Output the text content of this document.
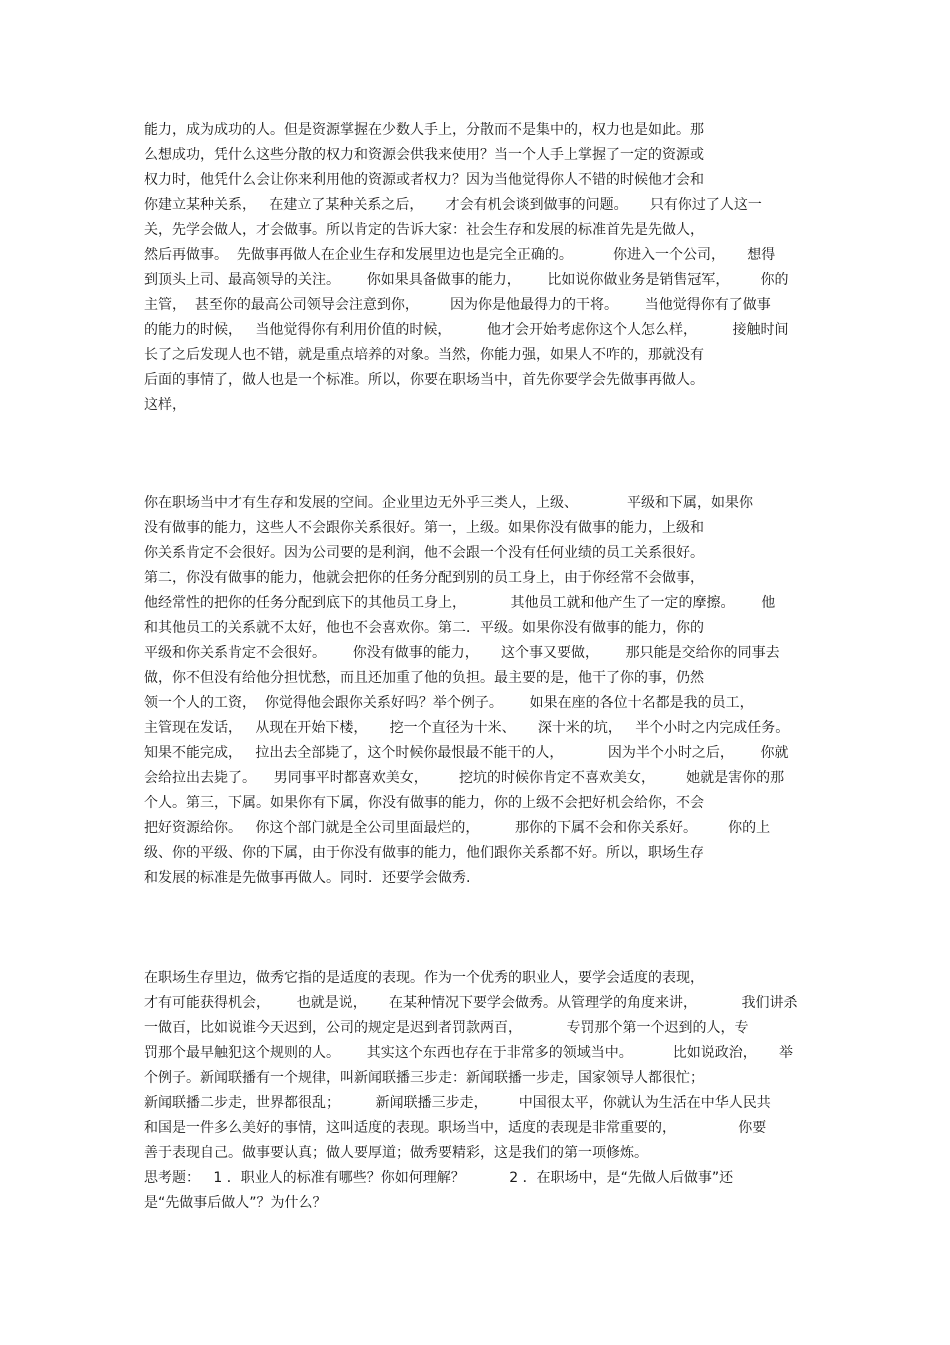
能力，成为成功的人。但是资源掌握在少数人手上，分散而不是集中的，权力也是如此。那
么想成功，凭什么这些分散的权力和资源会供我来使用？当一个人手上掌握了一定的资源或
权力时，他凭什么会让你来利用他的资源或者权力？因为当他觉得你人不错的时候他才会和
你建立某种关系，   在建立了某种关系之后，     才会有机会谈到做事的问题。     只有你过了人这一
关，先学会做人，才会做事。所以肯定的告诉大家：社会生存和发展的标准首先是先做人，
然后再做事。  先做事再做人在企业生存和发展里边也是完全正确的。         你进入一个公司，     想得
到顶头上司、最高领导的关注。      你如果具备做事的能力，      比如说你做业务是销售冠军，       你的
主管，  甚至你的最高公司领导会注意到你，       因为你是他最得力的干将。      当他觉得你有了做事
的能力的时候，   当他觉得你有利用价值的时候，        他才会开始考虑你这个人怎么样，        接触时间
长了之后发现人也不错，就是重点培养的对象。当然，你能力强，如果人不咋的，那就没有
后面的事情了，做人也是一个标准。所以，你要在职场当中，首先你要学会先做事再做人。
这样，
你在职场当中才有生存和发展的空间。企业里边无外乎三类人，上级、           平级和下属，如果你
没有做事的能力，这些人不会跟你关系很好。第一，上级。如果你没有做事的能力，上级和
你关系肯定不会很好。因为公司要的是利润，他不会跟一个没有任何业绩的员工关系很好。
第二，你没有做事的能力，他就会把你的任务分配到别的员工身上，由于你经常不会做事，
他经常性的把你的任务分配到底下的其他员工身上，          其他员工就和他产生了一定的摩擦。      他
和其他员工的关系就不太好，他也不会喜欢你。第二．平级。如果你没有做事的能力，你的
平级和你关系肯定不会很好。      你没有做事的能力，     这个事又要做，      那只能是交给你的同事去
做，你不但没有给他分担忧愁，而且还加重了他的负担。最主要的是，他干了你的事，仍然
领一个人的工资，  你觉得他会跟你关系好吗？举个例子。      如果在座的各位十名都是我的员工，
主管现在发话，   从现在开始下楼，     挖一个直径为十米、     深十米的坑，   半个小时之内完成任务。
知果不能完成，   拉出去全部毙了，这个时候你最恨最不能干的人，          因为半个小时之后，      你就
会给拉出去毙了。    男同事平时都喜欢美女，       挖坑的时候你肯定不喜欢美女，       她就是害你的那
个人。第三，下属。如果你有下属，你没有做事的能力，你的上级不会把好机会给你，不会
把好资源给你。   你这个部门就是全公司里面最烂的，        那你的下属不会和你关系好。       你的上
级、你的平级、你的下属，由于你没有做事的能力，他们跟你关系都不好。所以，职场生存
和发展的标准是先做事再做人。同时．还要学会做秀.
在职场生存里边，做秀它指的是适度的表现。作为一个优秀的职业人，要学会适度的表现，
才有可能获得机会，      也就是说，     在某种情况下要学会做秀。从管理学的角度来讲，          我们讲杀
一做百，比如说谁今天迟到，公司的规定是迟到者罚款两百，          专罚那个第一个迟到的人，专
罚那个最早触犯这个规则的人。      其实这个东西也存在于非常多的领域当中。         比如说政治，     举
个例子。新闻联播有一个规律，叫新闻联播三步走：新闻联播一步走，国家领导人都很忙；
新闻联播二步走，世界都很乱；        新闻联播三步走，       中国很太平，你就认为生活在中华人民共
和国是一件多么美好的事情，这叫适度的表现。职场当中，适度的表现是非常重要的，              你要
善于表现自己。做事要认真；做人要厚道；做秀要精彩，这是我们的第一项修炼。
思考题：   1 ．职业人的标准有哪些？你如何理解？          2 ．在职场中，是“先做人后做事”还
是“先做事后做人”？为什么？
